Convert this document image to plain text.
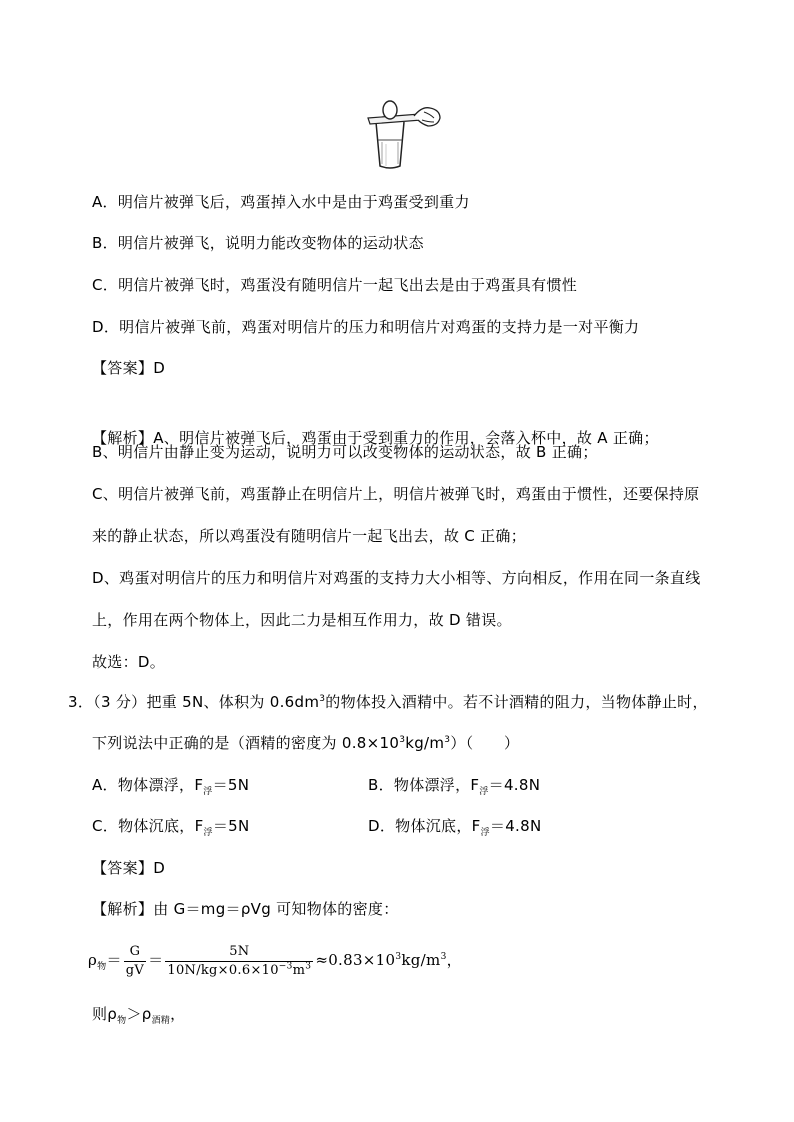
A．明信片被弹飞后，鸡蛋掉入水中是由于鸡蛋受到重力
B．明信片被弹飞，说明力能改变物体的运动状态
C．明信片被弹飞时，鸡蛋没有随明信片一起飞出去是由于鸡蛋具有惯性
D．明信片被弹飞前，鸡蛋对明信片的压力和明信片对鸡蛋的支持力是一对平衡力
【答案】D
【解析】A、明信片被弹飞后，鸡蛋由于受到重力的作用，会落入杯中，故 A 正确；
B、明信片由静止变为运动，说明力可以改变物体的运动状态，故 B 正确；
C、明信片被弹飞前，鸡蛋静止在明信片上，明信片被弹飞时，鸡蛋由于惯性，还要保持原
来的静止状态，所以鸡蛋没有随明信片一起飞出去，故 C 正确；
D、鸡蛋对明信片的压力和明信片对鸡蛋的支持力大小相等、方向相反，作用在同一条直线
上，作用在两个物体上，因此二力是相互作用力，故 D 错误。
故选：D。
3．（3 分）把重 5N、体积为 $0.6dm^3$的物体投入酒精中。若不计酒精的阻力，当物体静止时，
下列说法中正确的是（酒精的密度为 $0.8\times 10^3kg/m^3$）（　　）
A．物体漂浮，$F_浮=5N$	B．物体漂浮，$F_浮=4.8N$
C．物体沉底，$F_浮=5N$	D．物体沉底，$F_浮=4.8N$
【答案】D
【解析】由 G＝mg＝ρVg 可知物体的密度：
$\rho_物= \frac{G}{gV} = \frac{5N}{10N/kg\times 0.6\times 10^{-3}m^3} \approx 0.83\times 10^3kg/m^3$，
则$\rho_物>\rho_{酒精}$，
